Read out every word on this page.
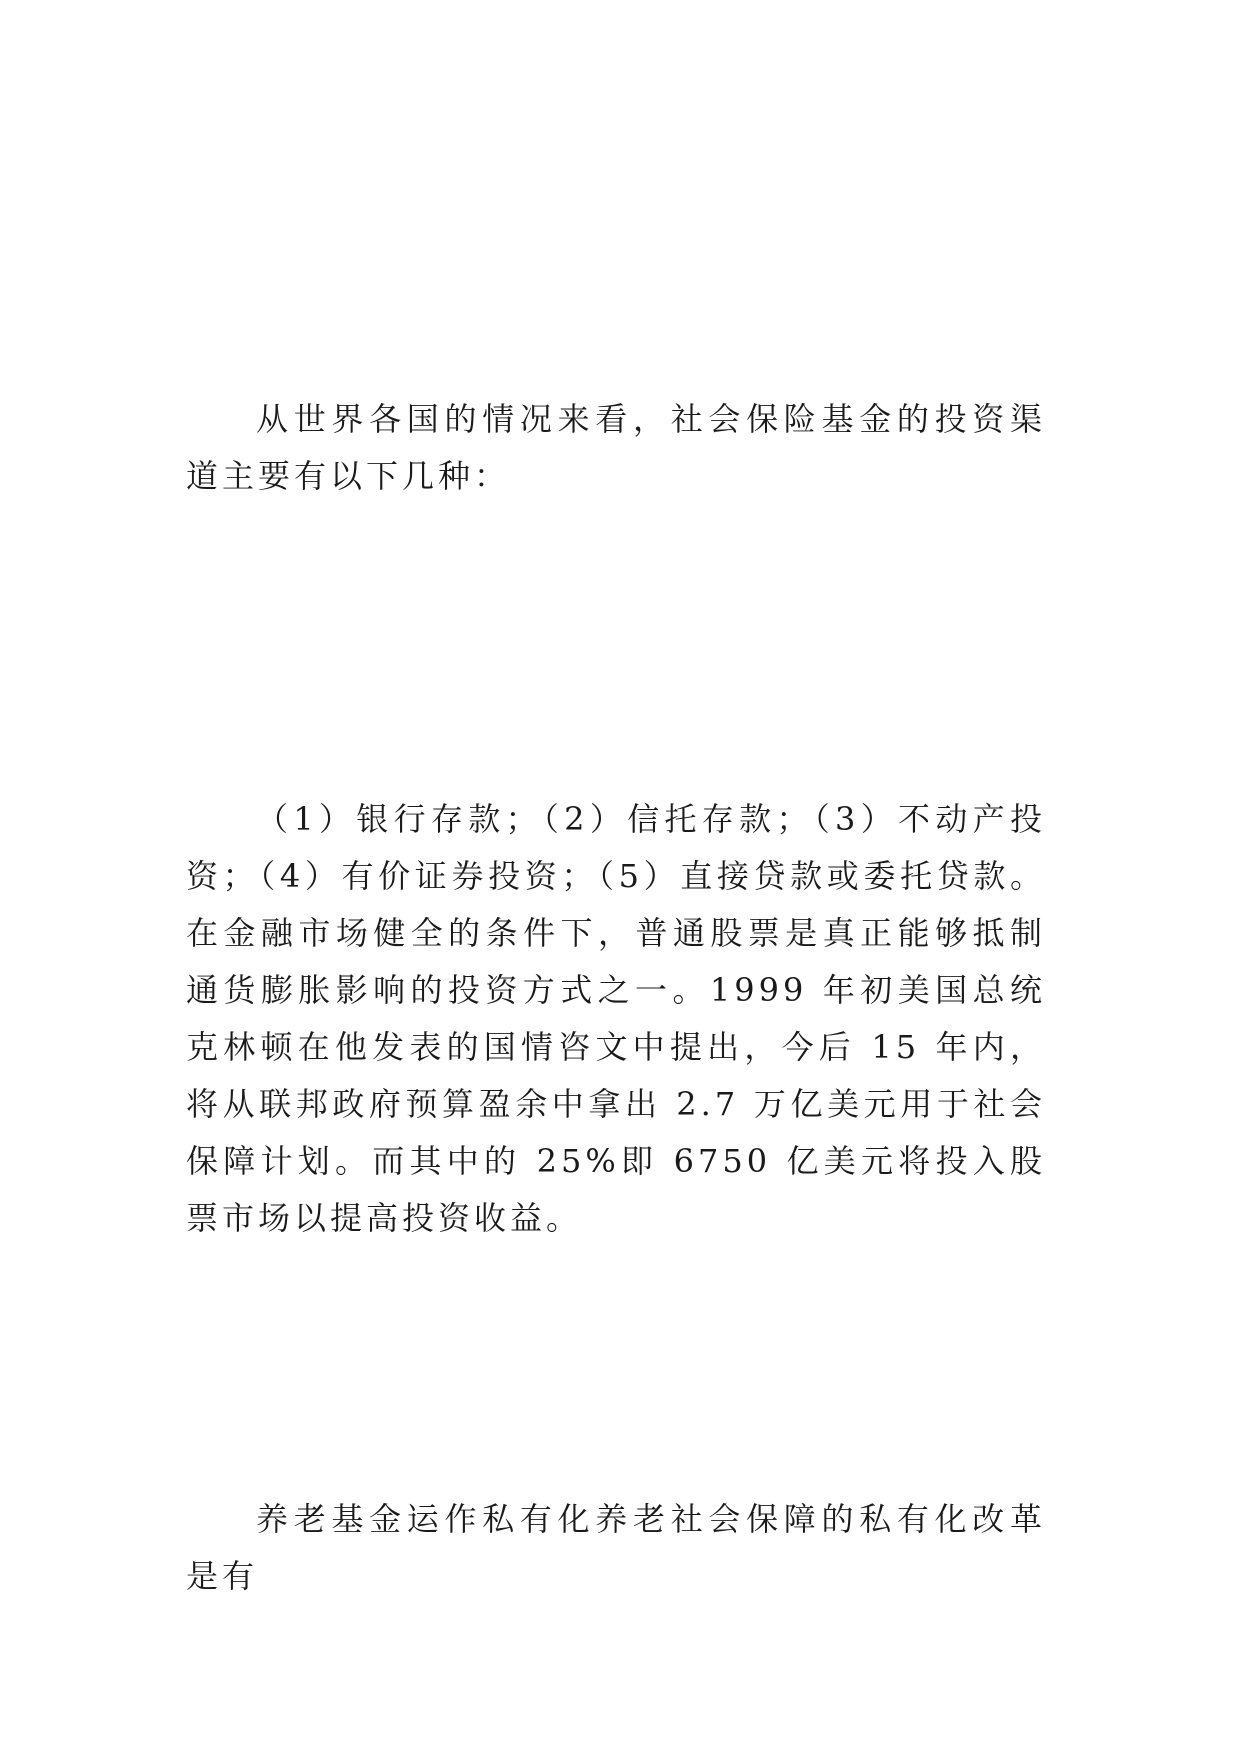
从世界各国的情况来看，社会保险基金的投资渠道主要有以下几种：

（1）银行存款；（2）信托存款；（3）不动产投资；（4）有价证券投资；（5）直接贷款或委托贷款。在金融市场健全的条件下，普通股票是真正能够抵制通货膨胀影响的投资方式之一。1999 年初美国总统克林顿在他发表的国情咨文中提出，今后 15 年内，将从联邦政府预算盈余中拿出 2.7 万亿美元用于社会保障计划。而其中的 25%即 6750 亿美元将投入股票市场以提高投资收益。

养老基金运作私有化养老社会保障的私有化改革是有
